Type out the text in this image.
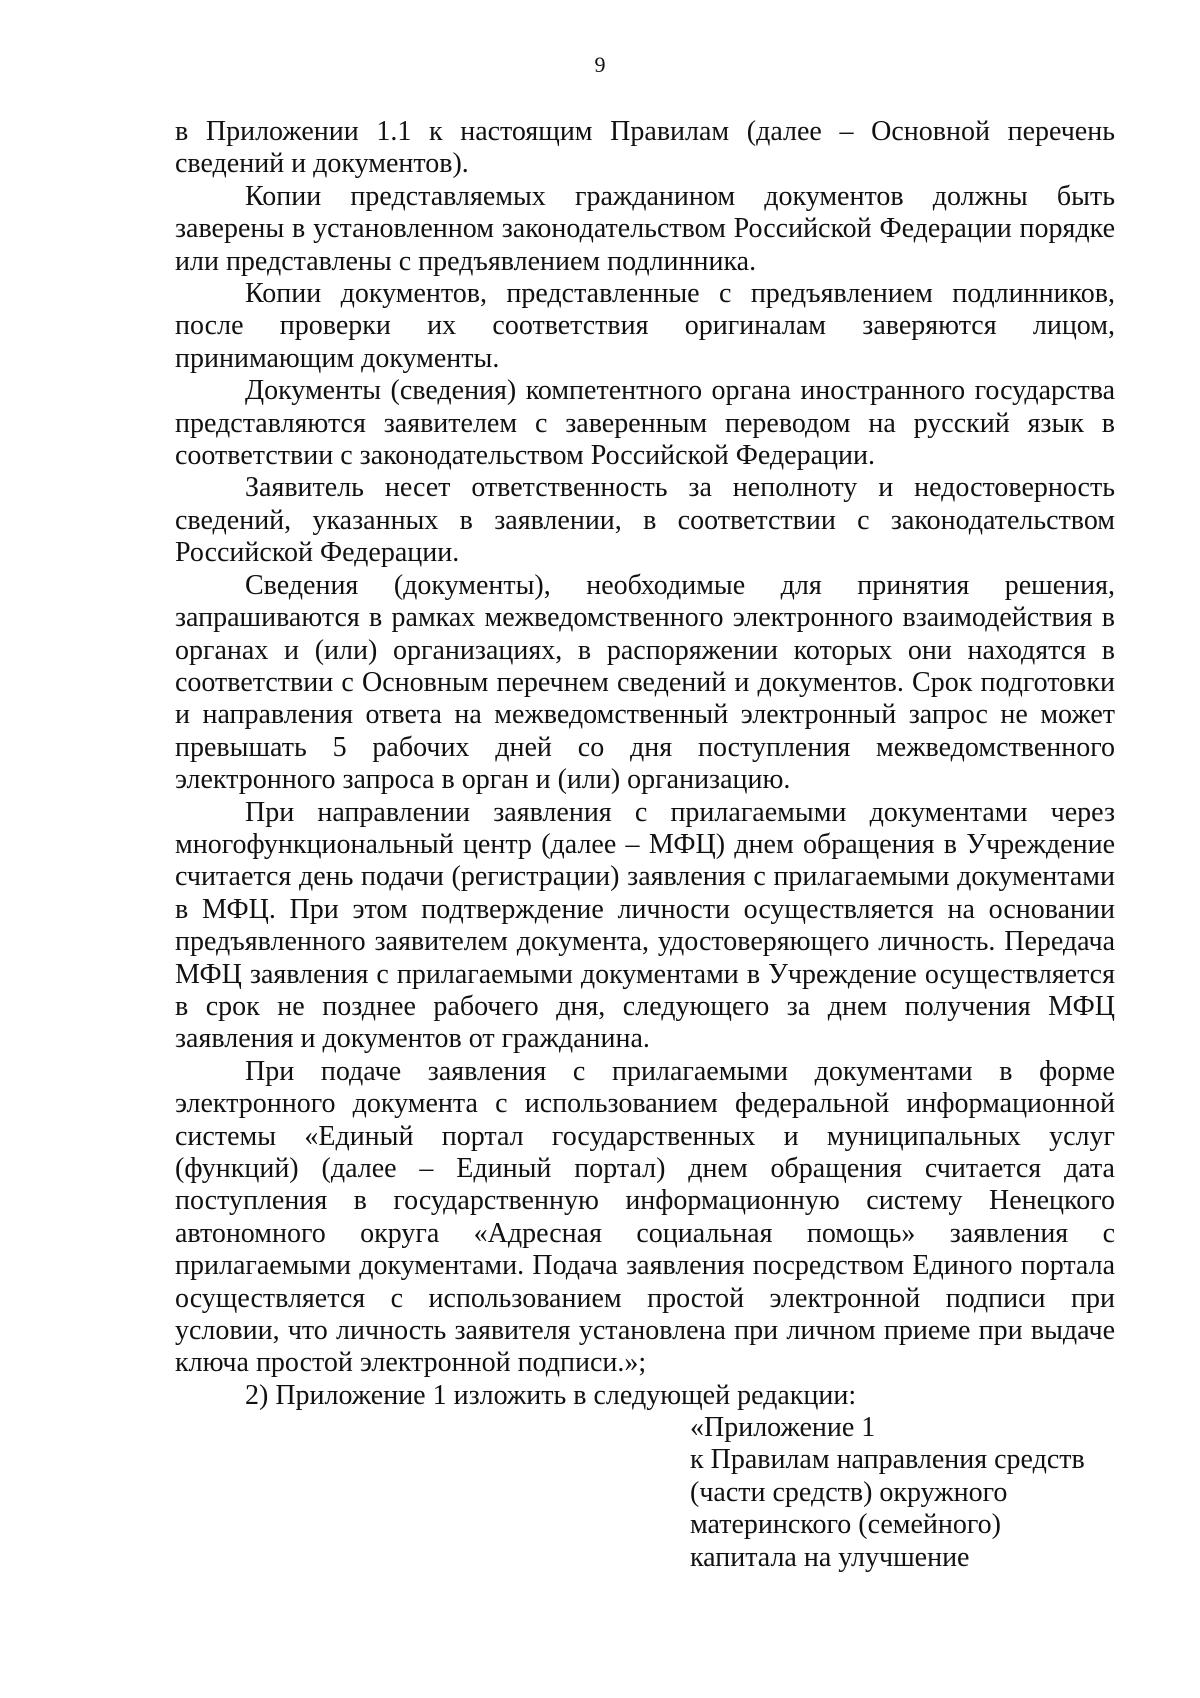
9

в Приложении 1.1 к настоящим Правилам (далее – Основной перечень сведений и документов).

Копии представляемых гражданином документов должны быть заверены в установленном законодательством Российской Федерации порядке или представлены с предъявлением подлинника.

Копии документов, представленные с предъявлением подлинников, после проверки их соответствия оригиналам заверяются лицом, принимающим документы.

Документы (сведения) компетентного органа иностранного государства представляются заявителем с заверенным переводом на русский язык в соответствии с законодательством Российской Федерации.

Заявитель несет ответственность за неполноту и недостоверность сведений, указанных в заявлении, в соответствии с законодательством Российской Федерации.

Сведения (документы), необходимые для принятия решения, запрашиваются в рамках межведомственного электронного взаимодействия в органах и (или) организациях, в распоряжении которых они находятся в соответствии с Основным перечнем сведений и документов. Срок подготовки и направления ответа на межведомственный электронный запрос не может превышать 5 рабочих дней со дня поступления межведомственного электронного запроса в орган и (или) организацию.

При направлении заявления с прилагаемыми документами через многофункциональный центр (далее – МФЦ) днем обращения в Учреждение считается день подачи (регистрации) заявления с прилагаемыми документами в МФЦ. При этом подтверждение личности осуществляется на основании предъявленного заявителем документа, удостоверяющего личность. Передача МФЦ заявления с прилагаемыми документами в Учреждение осуществляется в срок не позднее рабочего дня, следующего за днем получения МФЦ заявления и документов от гражданина.

При подаче заявления с прилагаемыми документами в форме электронного документа с использованием федеральной информационной системы «Единый портал государственных и муниципальных услуг (функций) (далее – Единый портал) днем обращения считается дата поступления в государственную информационную систему Ненецкого автономного округа «Адресная социальная помощь» заявления с прилагаемыми документами. Подача заявления посредством Единого портала осуществляется с использованием простой электронной подписи при условии, что личность заявителя установлена при личном приеме при выдаче ключа простой электронной подписи.»;

2) Приложение 1 изложить в следующей редакции:

«Приложение 1
к Правилам направления средств
(части средств) окружного
материнского (семейного)
капитала на улучшение
